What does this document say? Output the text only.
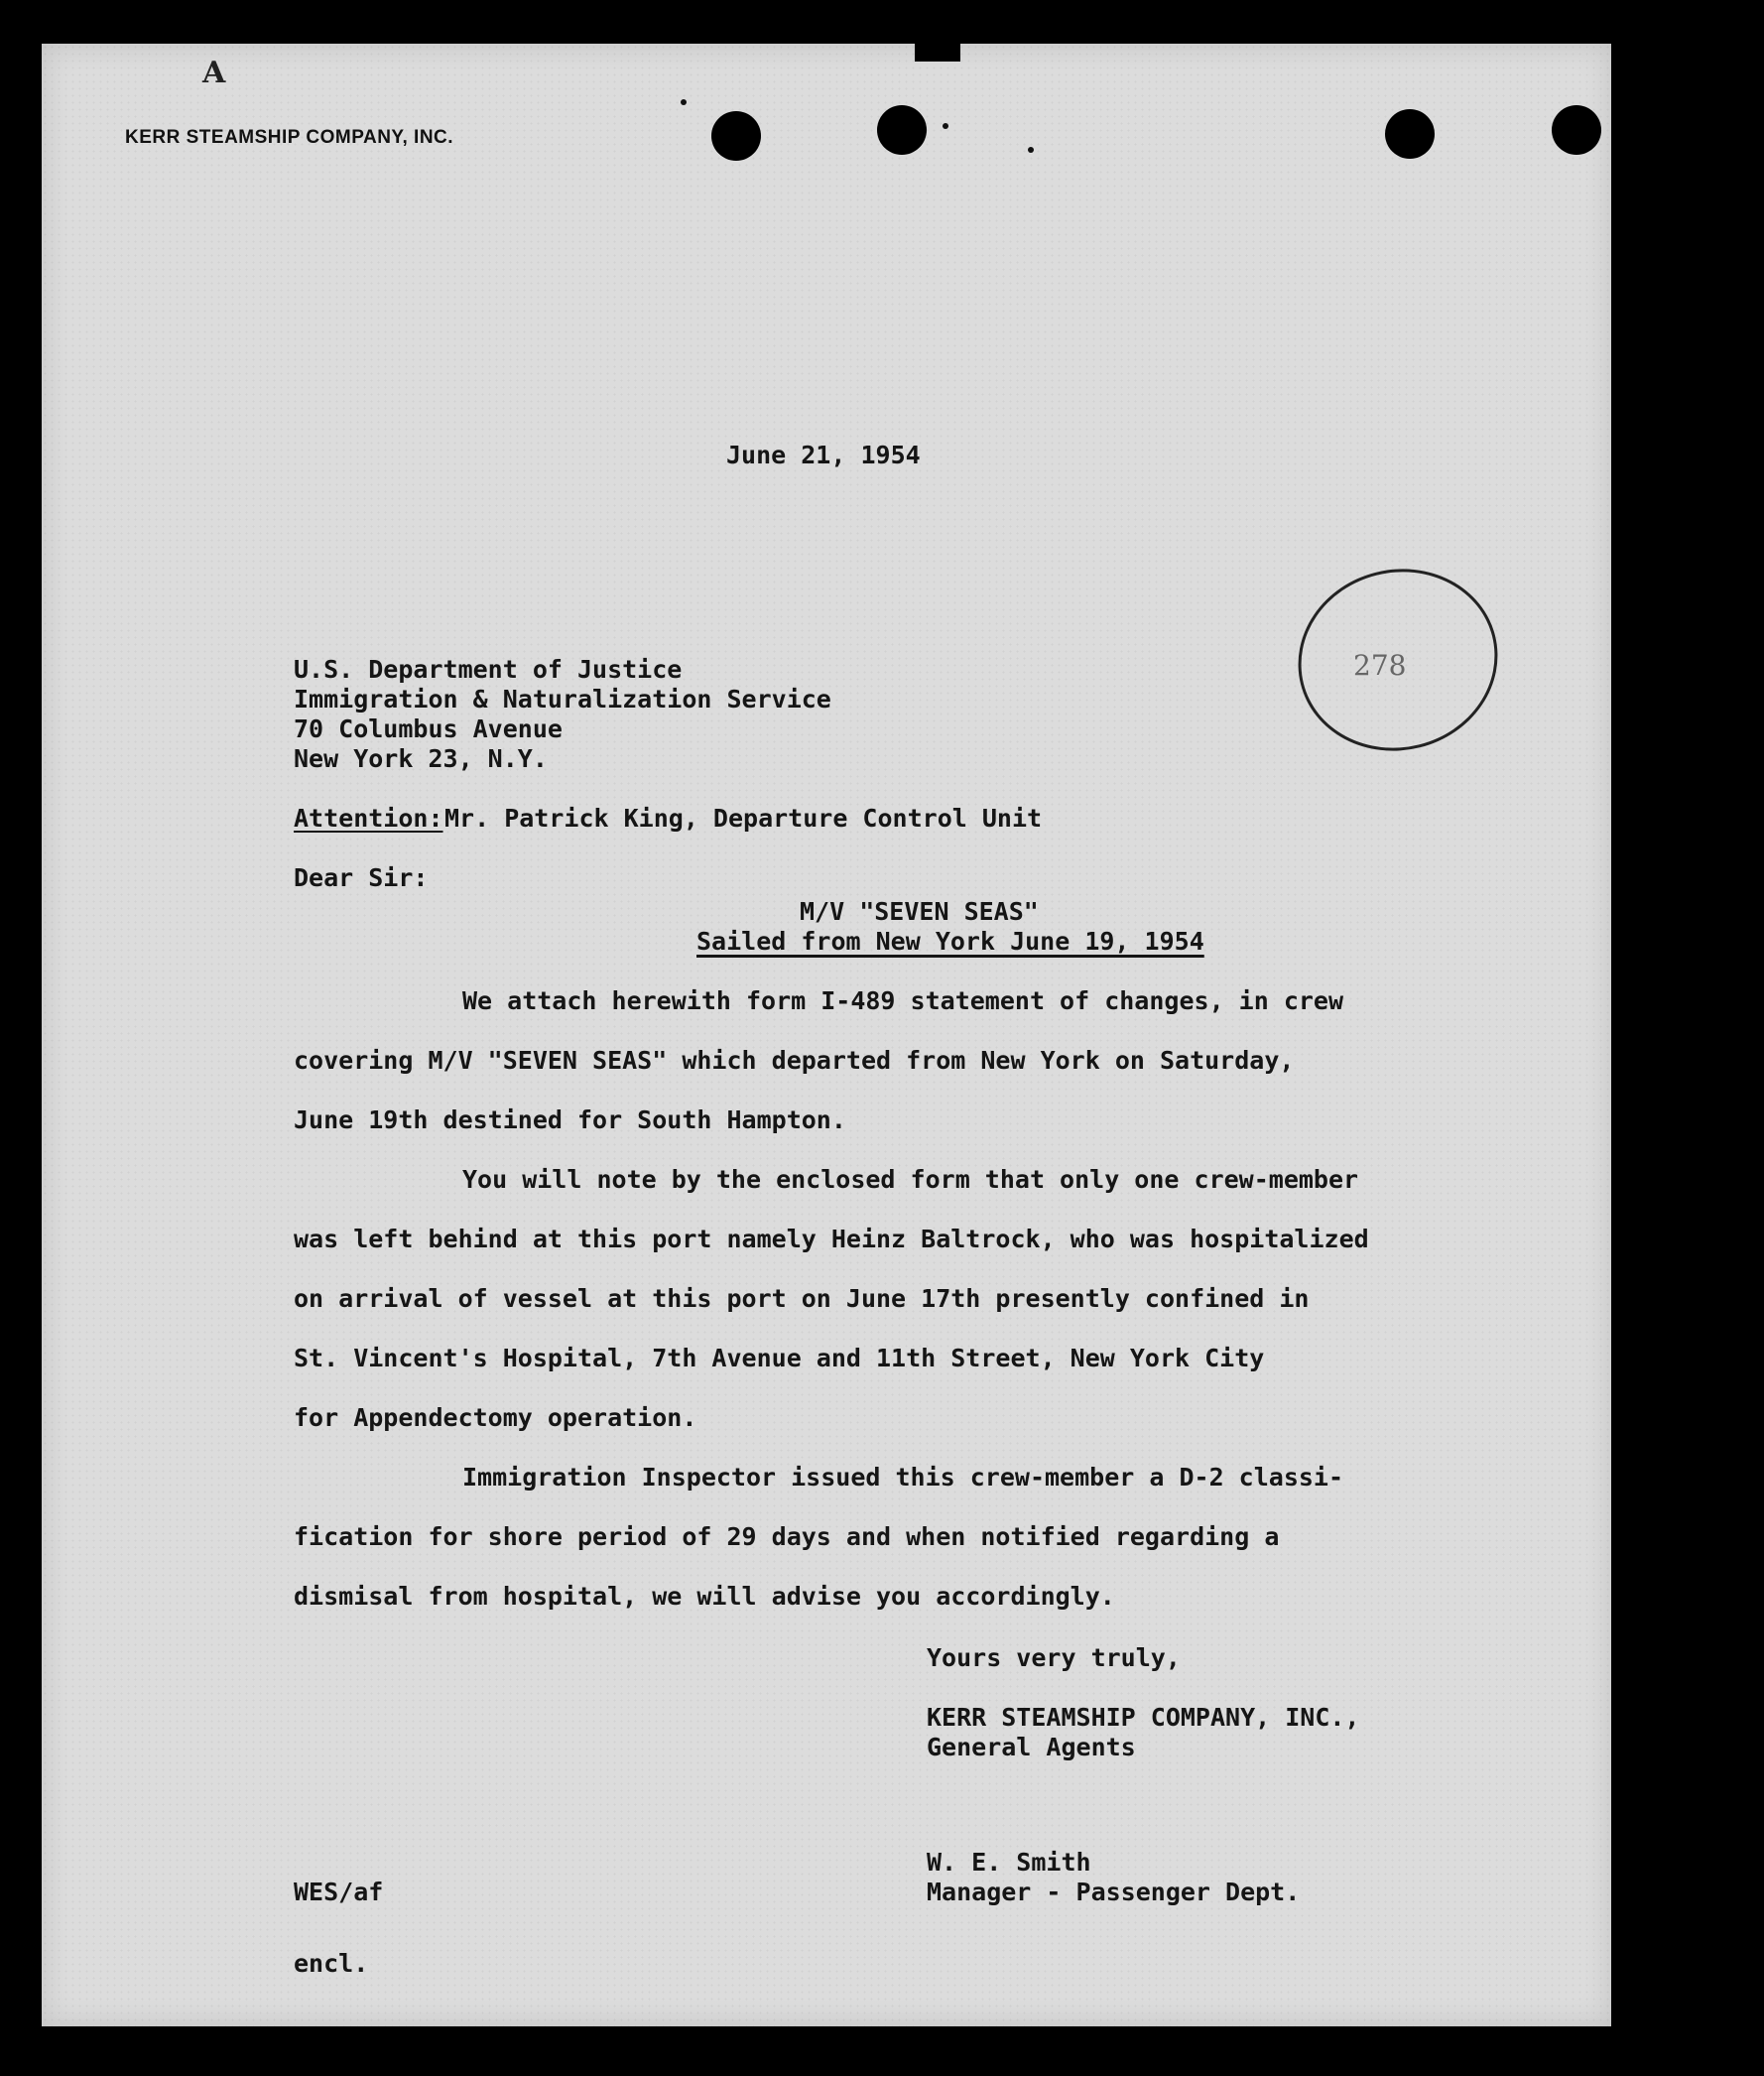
A
KERR STEAMSHIP COMPANY, INC.
278
June 21, 1954
U.S. Department of Justice
Immigration & Naturalization Service
70 Columbus Avenue
New York 23, N.Y.
Attention: Mr. Patrick King, Departure Control Unit
Dear Sir:
M/V "SEVEN SEAS"
Sailed from New York June 19, 1954
We attach herewith form I-489 statement of changes, in crew
covering M/V "SEVEN SEAS" which departed from New York on Saturday,
June 19th destined for South Hampton.
You will note by the enclosed form that only one crew-member
was left behind at this port namely Heinz Baltrock, who was hospitalized
on arrival of vessel at this port on June 17th presently confined in
St. Vincent's Hospital, 7th Avenue and 11th Street, New York City
for Appendectomy operation.
Immigration Inspector issued this crew-member a D-2 classi-
fication for shore period of 29 days and when notified regarding a
dismisal from hospital, we will advise you accordingly.
Yours very truly,
KERR STEAMSHIP COMPANY, INC.,
General Agents
W. E. Smith
Manager - Passenger Dept.
WES/af
encl.
